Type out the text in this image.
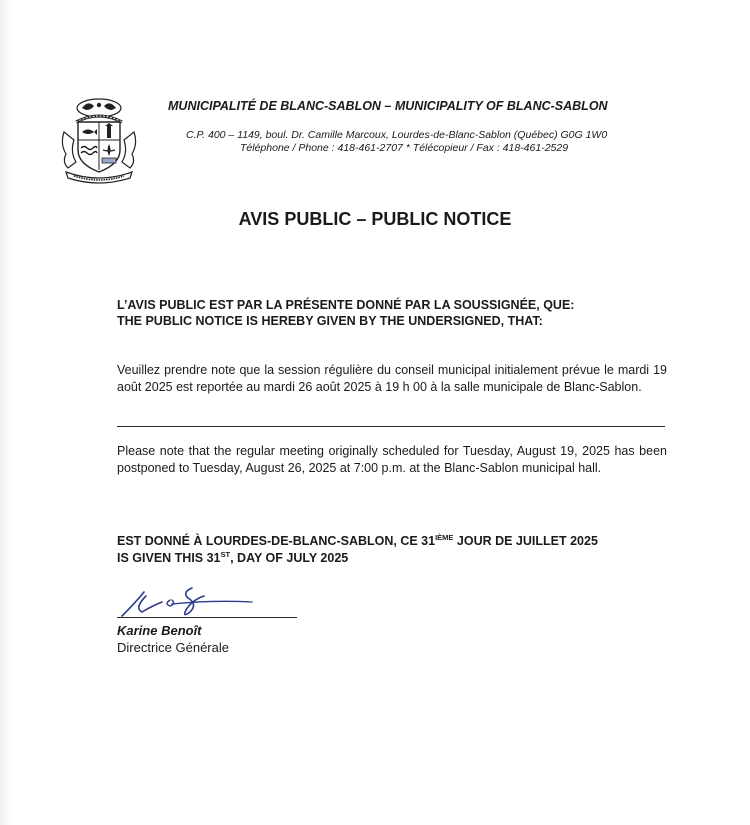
MUNICIPALITÉ DE BLANC-SABLON – MUNICIPALITY OF BLANC-SABLON
C.P. 400 – 1149, boul. Dr. Camille Marcoux, Lourdes-de-Blanc-Sablon (Québec) G0G 1W0
Téléphone / Phone : 418-461-2707 * Télécopieur / Fax : 418-461-2529
AVIS PUBLIC – PUBLIC NOTICE
L’AVIS PUBLIC EST PAR LA PRÉSENTE DONNÉ PAR LA SOUSSIGNÉE, QUE:
THE PUBLIC NOTICE IS HEREBY GIVEN BY THE UNDERSIGNED, THAT:
Veuillez prendre note que la session régulière du conseil municipal initialement prévue le mardi 19 août 2025 est reportée au mardi 26 août 2025 à 19 h 00 à la salle municipale de Blanc-Sablon.
Please note that the regular meeting originally scheduled for Tuesday, August 19, 2025 has been postponed to Tuesday, August 26, 2025 at 7:00 p.m. at the Blanc-Sablon municipal hall.
EST DONNÉ À LOURDES-DE-BLANC-SABLON, CE 31IÈME JOUR DE JUILLET 2025
IS GIVEN THIS 31ST, DAY OF JULY 2025
Karine Benoît
Directrice Générale
